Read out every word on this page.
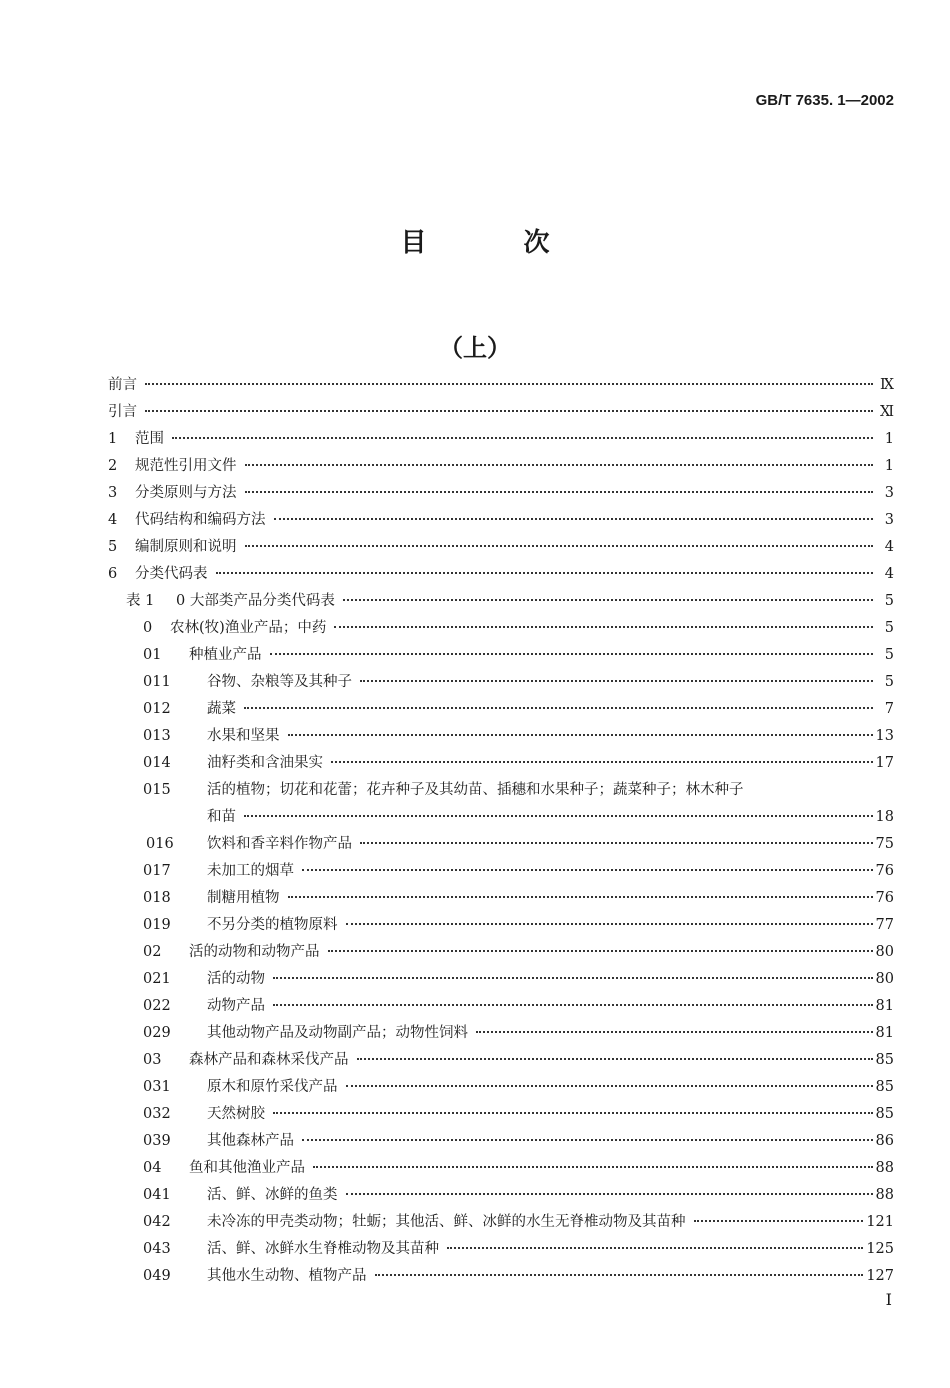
GB/T 7635. 1—2002
目 次
（上）
前言	Ⅸ
引言	Ⅺ
1 范围	1
2 规范性引用文件	1
3 分类原则与方法	3
4 代码结构和编码方法	3
5 编制原则和说明	4
6 分类代码表	4
表 1 0 大部类产品分类代码表	5
0 农林(牧)渔业产品；中药	5
01 种植业产品	5
011	谷物、杂粮等及其种子	5
012	蔬菜	7
013	水果和坚果	13
014	油籽类和含油果实	17
015	活的植物；切花和花蕾；花卉种子及其幼苗、插穗和水果种子；蔬菜种子；林木种子
和苗	18
016 饮料和香辛料作物产品	75
017	未加工的烟草	76
018	制糖用植物	76
019	不另分类的植物原料	77
02 活的动物和动物产品	80
021	活的动物	80
022	动物产品	81
029	其他动物产品及动物副产品；动物性饲料	81
03 森林产品和森林采伐产品	85
031	原木和原竹采伐产品	85
032	天然树胶	85
039	其他森林产品	86
04 鱼和其他渔业产品	88
041	活、鲜、冰鲜的鱼类	88
042	未冷冻的甲壳类动物；牡蛎；其他活、鲜、冰鲜的水生无脊椎动物及其苗种	121
043	活、鲜、冰鲜水生脊椎动物及其苗种	125
049	其他水生动物、植物产品	127
I
